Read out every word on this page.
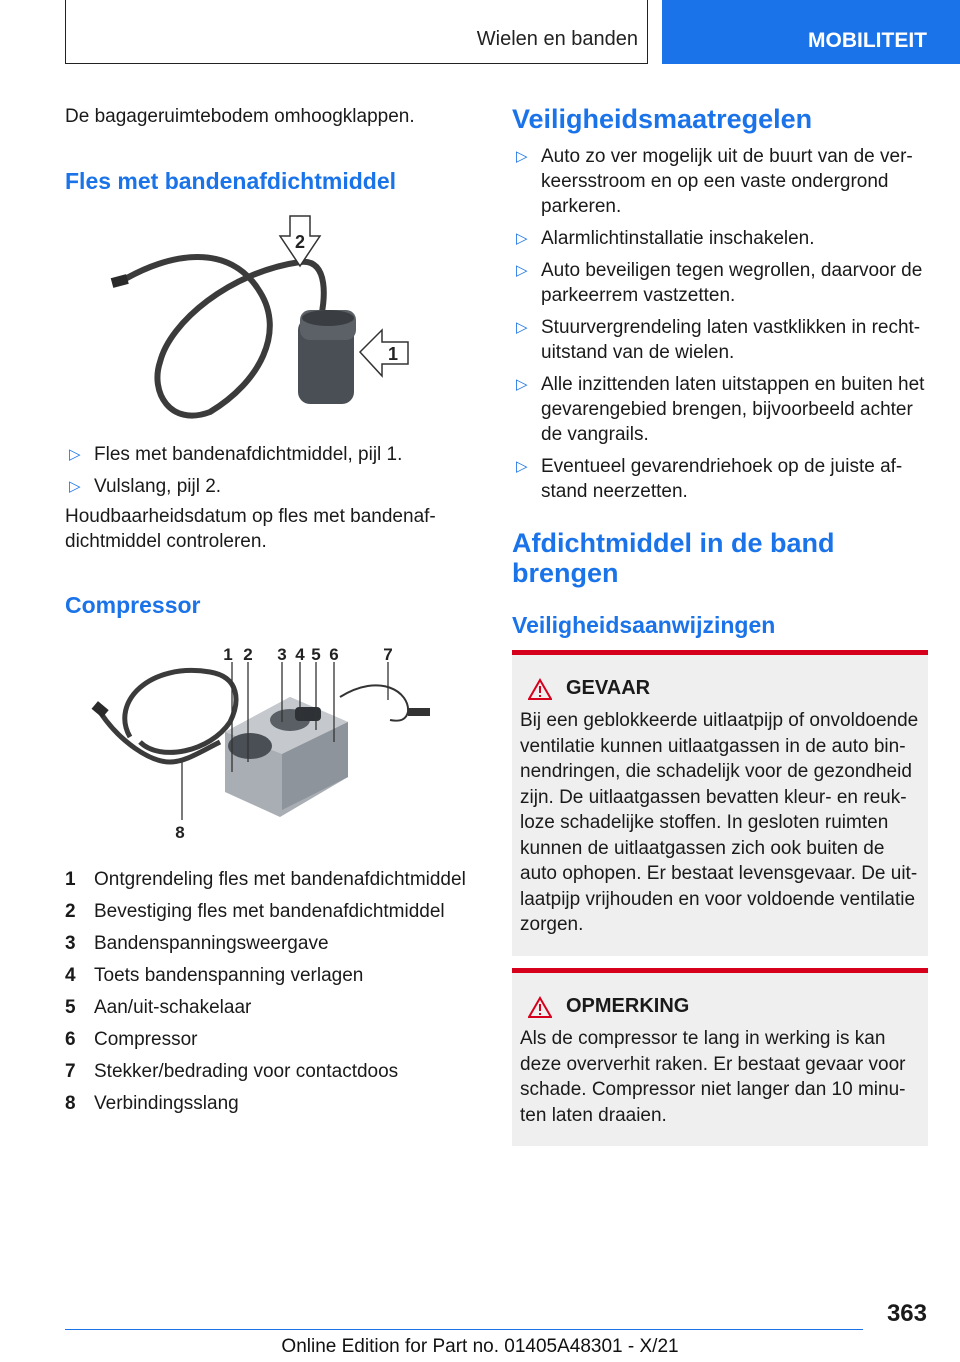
Wielen en banden	MOBILITEIT

De bagageruimtebodem omhoogklappen.

Fles met bandenafdichtmiddel
2
1
▷ Fles met bandenafdichtmiddel, pijl 1.
▷ Vulslang, pijl 2.

Houdbaarheidsdatum op fles met bandenaf-dichtmiddel controleren.

Compressor
1 2 3 4 5 6	7
8
1 Ontgrendeling fles met bandenafdichtmiddel
2 Bevestiging fles met bandenafdichtmiddel
3 Bandenspanningsweergave
4 Toets bandenspanning verlagen
5 Aan/uit-schakelaar
6 Compressor
7 Stekker/bedrading voor contactdoos
8 Verbindingsslang
Veiligheidsmaatregelen
▷ Auto zo ver mogelijk uit de buurt van de ver-keersstroom en op een vaste ondergrond parkeren.
▷ Alarmlichtinstallatie inschakelen.
▷ Auto beveiligen tegen wegrollen, daarvoor de parkeerrem vastzetten.
▷ Stuurvergrendeling laten vastklikken in recht-uitstand van de wielen.
▷ Alle inzittenden laten uitstappen en buiten het gevarengebied brengen, bijvoorbeeld achter de vangrails.
▷ Eventueel gevarendriehoek op de juiste af-stand neerzetten.
Afdichtmiddel in de band brengen
Veiligheidsaanwijzingen
GEVAAR

Bij een geblokkeerde uitlaatpijp of onvoldoende ventilatie kunnen uitlaatgassen in de auto bin-nendringen, die schadelijk voor de gezondheid zijn. De uitlaatgassen bevatten kleur- en reuk-loze schadelijke stoffen. In gesloten ruimten kunnen de uitlaatgassen zich ook buiten de auto ophopen. Er bestaat levensgevaar. De uit-laatpijp vrijhouden en voor voldoende ventilatie zorgen.

OPMERKING

Als de compressor te lang in werking is kan deze oververhit raken. Er bestaat gevaar voor schade. Compressor niet langer dan 10 minu-ten laten draaien.

363
Online Edition for Part no. 01405A48301 - X/21
